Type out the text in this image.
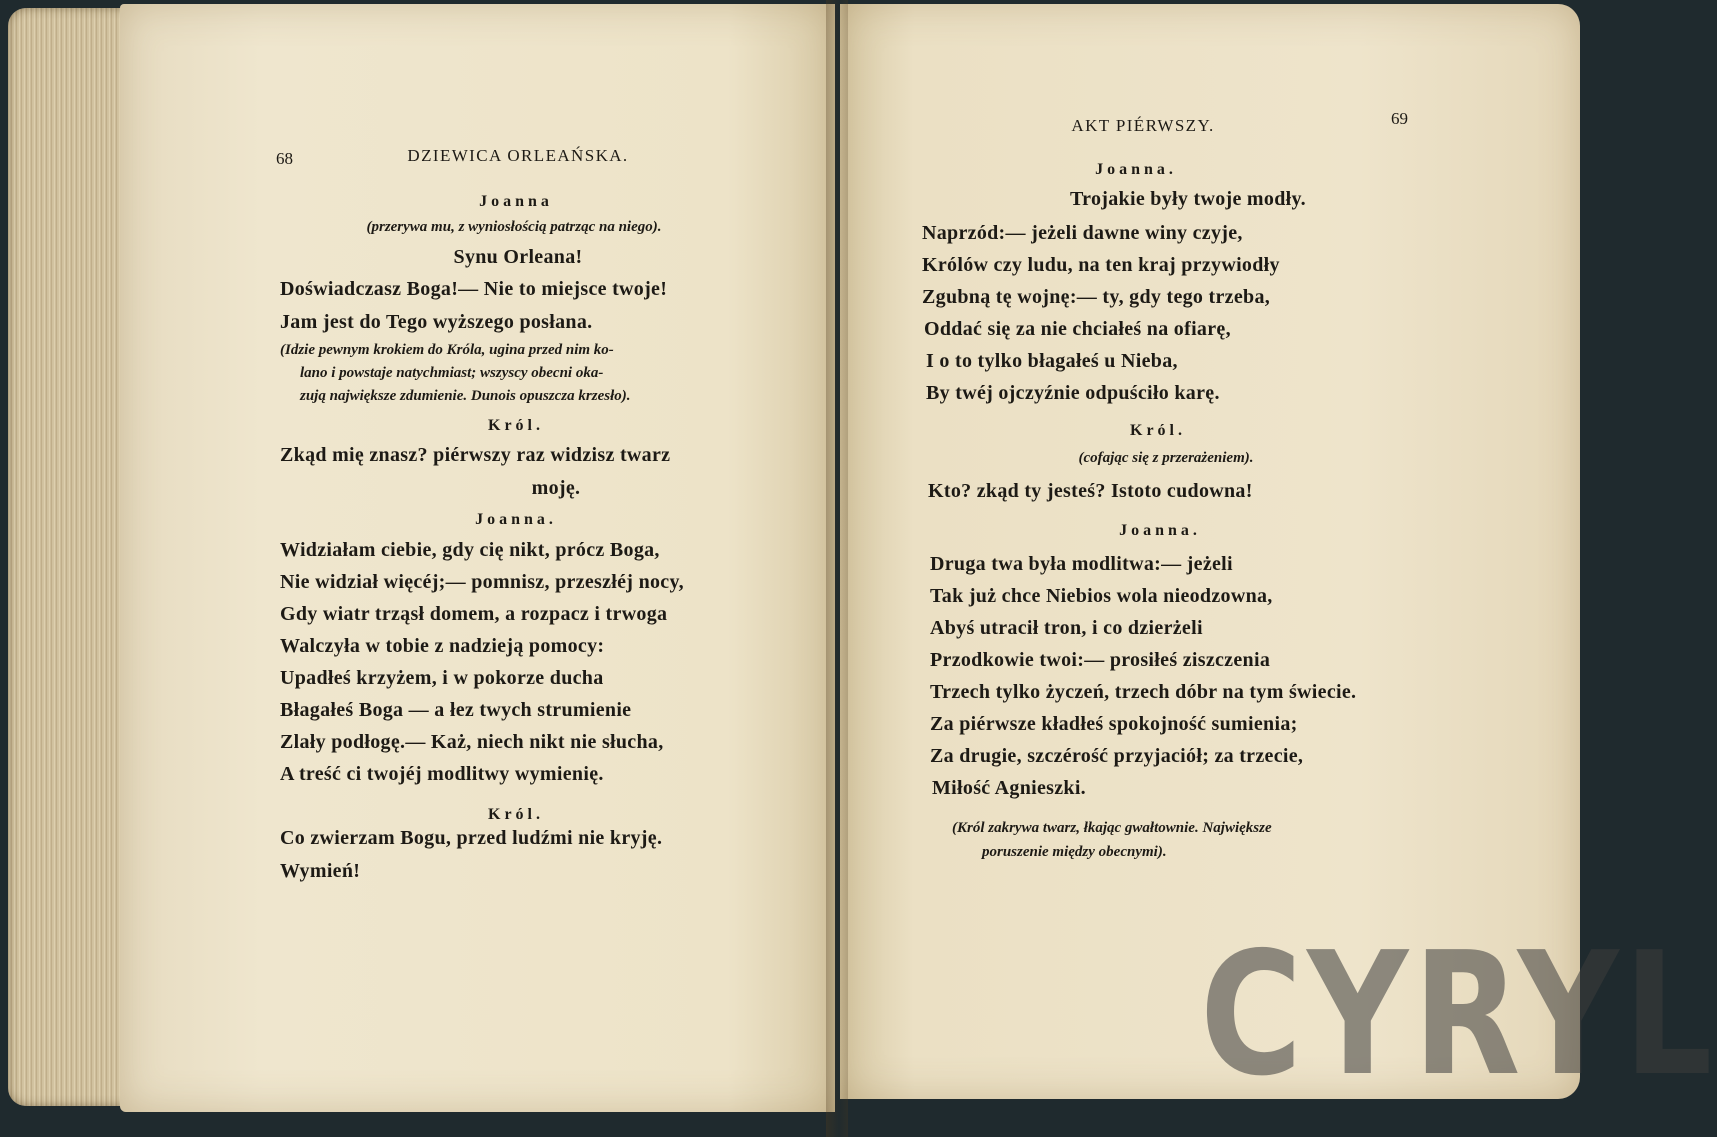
68	DZIEWICA ORLEAŃSKA.
Joanna
(przerywa mu, z wyniosłością patrząc na niego).
Synu Orleana!
Doświadczasz Boga!— Nie to miejsce twoje!
Jam jest do Tego wyższego posłana.
(Idzie pewnym krokiem do Króla, ugina przed nim ko-
lano i powstaje natychmiast; wszyscy obecni oka-
zują największe zdumienie. Dunois opuszcza krzesło).
Król.
Zkąd mię znasz? piérwszy raz widzisz twarz
moję.
Joanna.
Widziałam ciebie, gdy cię nikt, prócz Boga,
Nie widział więcéj;— pomnisz, przeszłéj nocy,
Gdy wiatr trząsł domem, a rozpacz i trwoga
Walczyła w tobie z nadzieją pomocy:
Upadłeś krzyżem, i w pokorze ducha
Błagałeś Boga — a łez twych strumienie
Zlały podłogę.— Każ, niech nikt nie słucha,
A treść ci twojéj modlitwy wymienię.
Król.
Co zwierzam Bogu, przed ludźmi nie kryję.
Wymień!
AKT PIÉRWSZY.	69
Joanna.
Trojakie były twoje modły.
Naprzód:— jeżeli dawne winy czyje,
Królów czy ludu, na ten kraj przywiodły
Zgubną tę wojnę:— ty, gdy tego trzeba,
Oddać się za nie chciałeś na ofiarę,
I o to tylko błagałeś u Nieba,
By twéj ojczyźnie odpuściło karę.
Król.
(cofając się z przerażeniem).
Kto? zkąd ty jesteś? Istoto cudowna!
Joanna.
Druga twa była modlitwa:— jeżeli
Tak już chce Niebios wola nieodzowna,
Abyś utracił tron, i co dzierżeli
Przodkowie twoi:— prosiłeś ziszczenia
Trzech tylko życzeń, trzech dóbr na tym świecie.
Za piérwsze kładłeś spokojność sumienia;
Za drugie, szczérość przyjaciół; za trzecie,
Miłość Agnieszki.
(Król zakrywa twarz, łkając gwałtownie. Największe
poruszenie między obecnymi).
CYRYL
